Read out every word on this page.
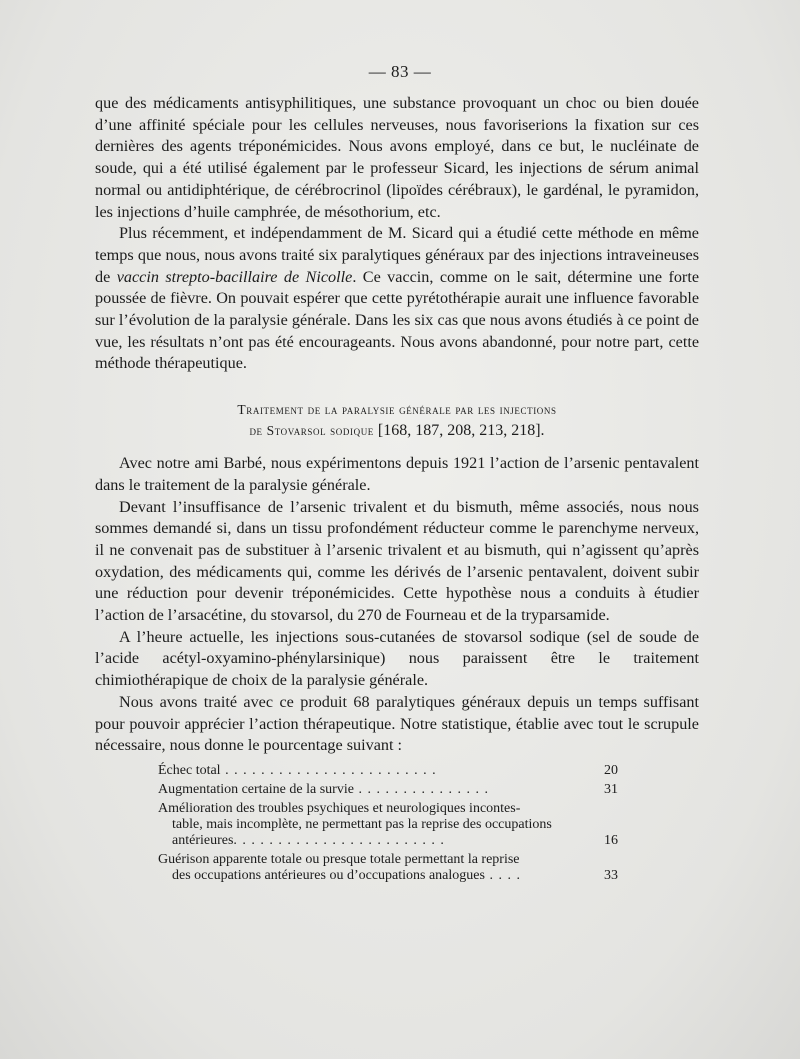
— 83 —

que des médicaments antisyphilitiques, une substance provoquant un choc ou bien douée d’une affinité spéciale pour les cellules nerveuses, nous favoriserions la fixation sur ces dernières des agents tréponémicides. Nous avons employé, dans ce but, le nucléinate de soude, qui a été utilisé également par le professeur Sicard, les injections de sérum animal normal ou antidiphtérique, de cérébrocrinol (lipoïdes cérébraux), le gardénal, le pyramidon, les injections d’huile camphrée, de mésothorium, etc.

Plus récemment, et indépendamment de M. Sicard qui a étudié cette méthode en même temps que nous, nous avons traité six paralytiques généraux par des injections intraveineuses de vaccin strepto-bacillaire de Nicolle. Ce vaccin, comme on le sait, détermine une forte poussée de fièvre. On pouvait espérer que cette pyrétothérapie aurait une influence favorable sur l’évolution de la paralysie générale. Dans les six cas que nous avons étudiés à ce point de vue, les résultats n’ont pas été encourageants. Nous avons abandonné, pour notre part, cette méthode thérapeutique.

Traitement de la paralysie générale par les injections
de Stovarsol sodique [168, 187, 208, 213, 218].

Avec notre ami Barbé, nous expérimentons depuis 1921 l’action de l’arsenic pentavalent dans le traitement de la paralysie générale.

Devant l’insuffisance de l’arsenic trivalent et du bismuth, même associés, nous nous sommes demandé si, dans un tissu profondément réducteur comme le parenchyme nerveux, il ne convenait pas de substituer à l’arsenic trivalent et au bismuth, qui n’agissent qu’après oxydation, des médicaments qui, comme les dérivés de l’arsenic pentavalent, doivent subir une réduction pour devenir tréponémicides. Cette hypothèse nous a conduits à étudier l’action de l’arsacétine, du stovarsol, du 270 de Fourneau et de la tryparsamide.

A l’heure actuelle, les injections sous-cutanées de stovarsol sodique (sel de soude de l’acide acétyl-oxyamino-phénylarsinique) nous paraissent être le traitement chimiothérapique de choix de la paralysie générale.

Nous avons traité avec ce produit 68 paralytiques généraux depuis un temps suffisant pour pouvoir apprécier l’action thérapeutique. Notre statistique, établie avec tout le scrupule nécessaire, nous donne le pourcentage suivant :

Échec total . . . . . . . . . . . . . . . . . . . . . . . .	20
Augmentation certaine de la survie . . . . . . . . . . . . . . .	31
Amélioration des troubles psychiques et neurologiques incontes-
table, mais incomplète, ne permettant pas la reprise des occupations antérieures. . . . . . . . . . . . . . . . . . . . . . . .	16
Guérison apparente totale ou presque totale permettant la reprise
des occupations antérieures ou d’occupations analogues . . . .	33
